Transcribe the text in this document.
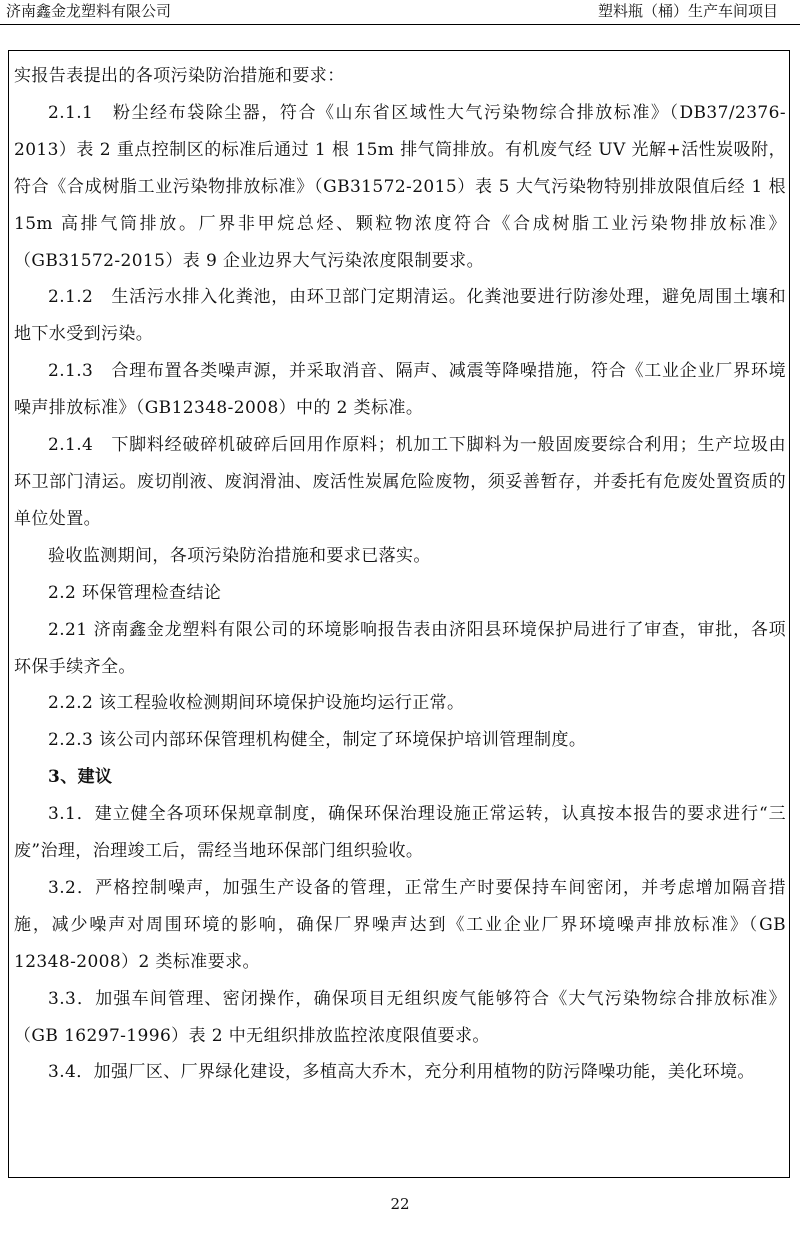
济南鑫金龙塑料有限公司	塑料瓶（桶）生产车间项目

实报告表提出的各项污染防治措施和要求：

2.1.1　粉尘经布袋除尘器，符合《山东省区域性大气污染物综合排放标准》（DB37/2376-2013）表 2 重点控制区的标准后通过 1 根 15m 排气筒排放。有机废气经 UV 光解+活性炭吸附，符合《合成树脂工业污染物排放标准》（GB31572-2015）表 5 大气污染物特别排放限值后经 1 根 15m 高排气筒排放。厂界非甲烷总烃、颗粒物浓度符合《合成树脂工业污染物排放标准》（GB31572-2015）表 9 企业边界大气污染浓度限制要求。

2.1.2　生活污水排入化粪池，由环卫部门定期清运。化粪池要进行防渗处理，避免周围土壤和地下水受到污染。

2.1.3　合理布置各类噪声源，并采取消音、隔声、减震等降噪措施，符合《工业企业厂界环境噪声排放标准》（GB12348-2008）中的 2 类标准。

2.1.4　下脚料经破碎机破碎后回用作原料；机加工下脚料为一般固废要综合利用；生产垃圾由环卫部门清运。废切削液、废润滑油、废活性炭属危险废物，须妥善暂存，并委托有危废处置资质的单位处置。

验收监测期间，各项污染防治措施和要求已落实。

2.2 环保管理检查结论

2.21 济南鑫金龙塑料有限公司的环境影响报告表由济阳县环境保护局进行了审查，审批，各项环保手续齐全。

2.2.2 该工程验收检测期间环境保护设施均运行正常。

2.2.3 该公司内部环保管理机构健全，制定了环境保护培训管理制度。

3、建议

3.1．建立健全各项环保规章制度，确保环保治理设施正常运转，认真按本报告的要求进行“三废”治理，治理竣工后，需经当地环保部门组织验收。

3.2．严格控制噪声，加强生产设备的管理，正常生产时要保持车间密闭，并考虑增加隔音措施，减少噪声对周围环境的影响，确保厂界噪声达到《工业企业厂界环境噪声排放标准》（GB 12348-2008）2 类标准要求。

3.3．加强车间管理、密闭操作，确保项目无组织废气能够符合《大气污染物综合排放标准》（GB 16297-1996）表 2 中无组织排放监控浓度限值要求。

3.4．加强厂区、厂界绿化建设，多植高大乔木，充分利用植物的防污降噪功能，美化环境。

22
